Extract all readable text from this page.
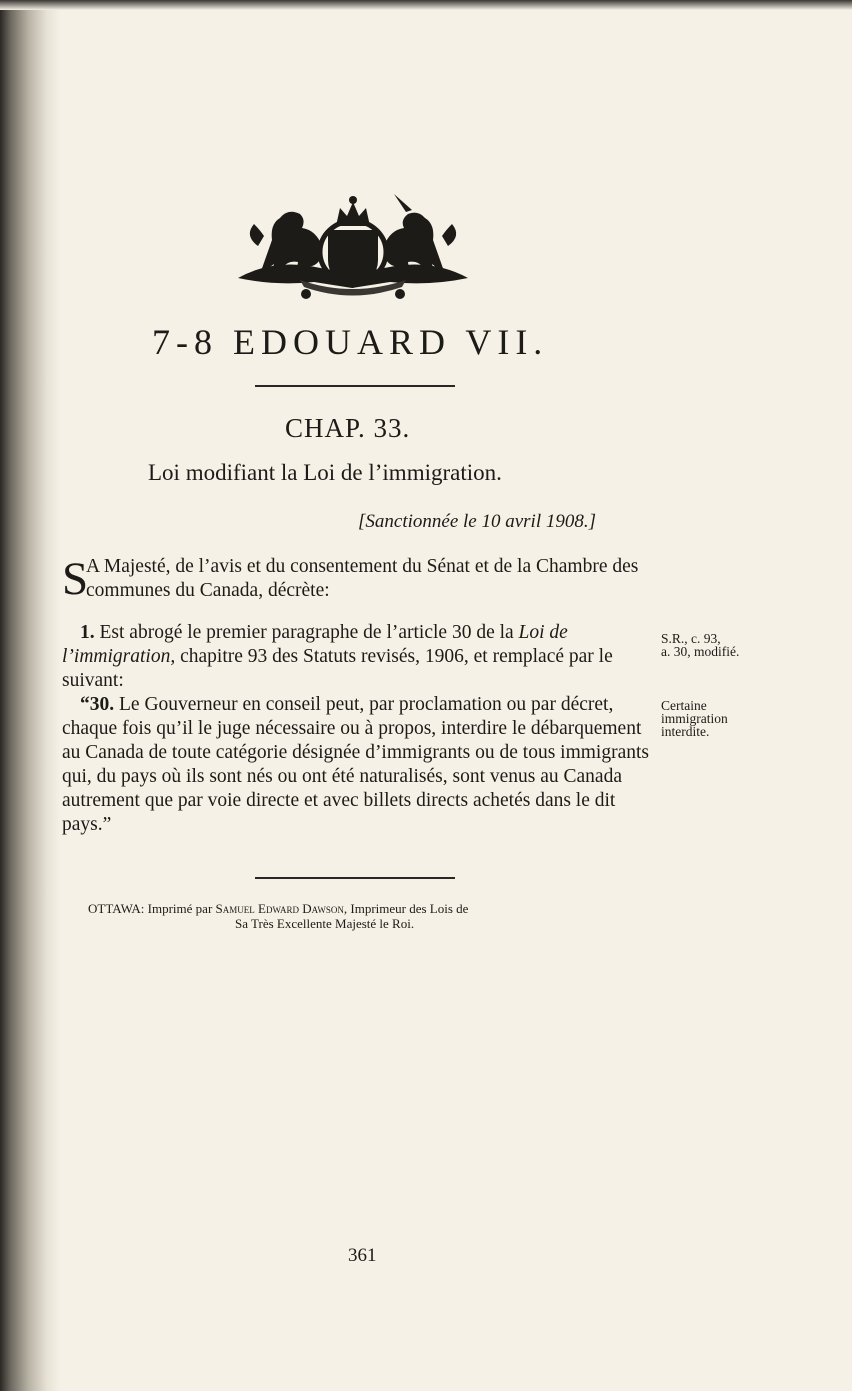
7-8 EDOUARD VII.
CHAP. 33.
Loi modifiant la Loi de l’immigration.
[Sanctionnée le 10 avril 1908.]

S
A Majesté, de l’avis et du consentement du Sénat et de la Chambre des communes du Canada, décrète:

1. Est abrogé le premier paragraphe de l’article 30 de la Loi de l’immigration, chapitre 93 des Statuts revisés, 1906, et remplacé par le suivant:

“30. Le Gouverneur en conseil peut, par proclamation ou par décret, chaque fois qu’il le juge nécessaire ou à propos, interdire le débarquement au Canada de toute catégorie désignée d’immigrants ou de tous immigrants qui, du pays où ils sont nés ou ont été naturalisés, sont venus au Canada autrement que par voie directe et avec billets directs achetés dans le dit pays.”

S.R., c. 93,
a. 30, modifié.
Certaine
immigration
interdite.
OTTAWA: Imprimé par Samuel Edward Dawson, Imprimeur des Lois de
Sa Très Excellente Majesté le Roi.
361
